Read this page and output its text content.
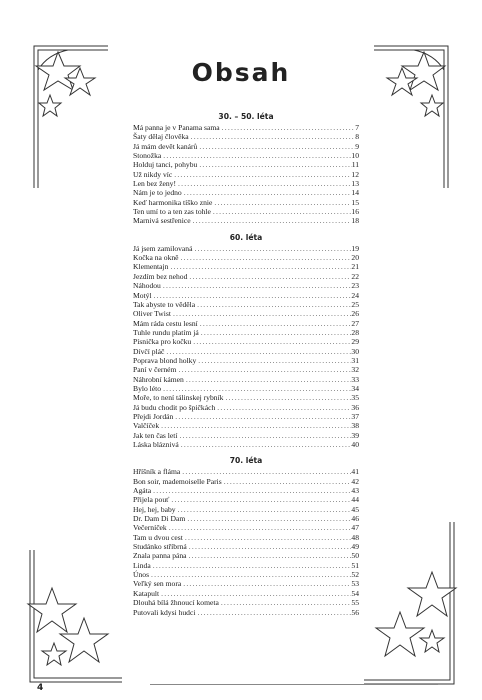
Obsah
30. – 50. léta
Má panna je v Panama sama .....	7
Šaty dělaj člověka .....	8
Já mám devět kanárů .....	9
Stonožka .....	10
Holduj tanci, pohybu .....	11
Už nikdy víc .....	12
Len bez ženy! .....	13
Nám je to jedno .....	14
Keď harmonika tíško znie .....	15
Ten umí to a ten zas tohle .....	16
Marnivá sestřenice .....	18
60. léta
Já jsem zamilovaná .....	19
Kočka na okně .....	20
Klementajn .....	21
Jezdím bez nehod .....	22
Náhodou .....	23
Motýl .....	24
Tak abyste to věděla .....	25
Oliver Twist .....	26
Mám ráda cestu lesní .....	27
Tuhle rundu platím já .....	28
Písnička pro kočku .....	29
Dívčí pláč .....	30
Poprava blond holky .....	31
Paní v černém .....	32
Náhrobní kámen .....	33
Bylo léto .....	34
Moře, to není tálinskej rybník .....	35
Já budu chodit po špičkách .....	36
Přejdi Jordán .....	37
Valčíček .....	38
Jak ten čas letí .....	39
Láska bláznivá .....	40
70. léta
Hříšník a fláma .....	41
Bon soir, mademoiselle Paris .....	42
Agáta .....	43
Přijela pouť .....	44
Hej, hej, baby .....	45
Dr. Dam Di Dam .....	46
Večerníček .....	47
Tam u dvou cest .....	48
Studánko stříbrná .....	49
Znala panna pána .....	50
Linda .....	51
Únos .....	52
Veľký sen mora .....	53
Katapult .....	54
Dlouhá bílá žhnoucí kometa .....	55
Putovali kdysi hudci .....	56
4
